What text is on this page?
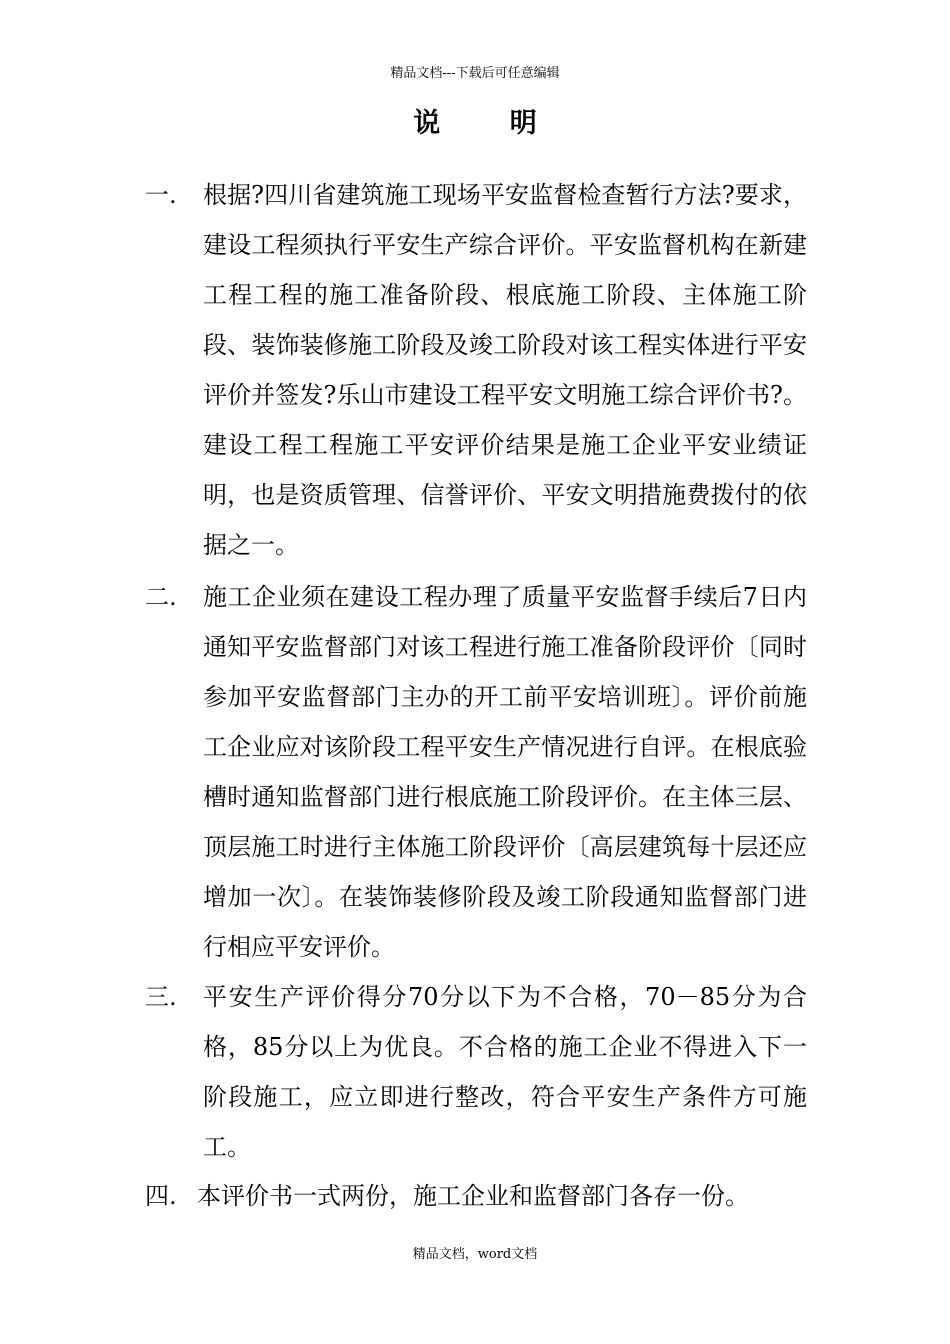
精品文档---下载后可任意编辑
说 明
一.	根据?四川省建筑施工现场平安监督检查暂行方法?要求，建设工程须执行平安生产综合评价。平安监督机构在新建工程工程的施工准备阶段、根底施工阶段、主体施工阶段、装饰装修施工阶段及竣工阶段对该工程实体进行平安评价并签发?乐山市建设工程平安文明施工综合评价书?。建设工程工程施工平安评价结果是施工企业平安业绩证明，也是资质管理、信誉评价、平安文明措施费拨付的依据之一。
二.	施工企业须在建设工程办理了质量平安监督手续后7日内通知平安监督部门对该工程进行施工准备阶段评价〔同时参加平安监督部门主办的开工前平安培训班〕。评价前施工企业应对该阶段工程平安生产情况进行自评。在根底验槽时通知监督部门进行根底施工阶段评价。在主体三层、顶层施工时进行主体施工阶段评价〔高层建筑每十层还应增加一次〕。在装饰装修阶段及竣工阶段通知监督部门进行相应平安评价。
三.	平安生产评价得分70分以下为不合格，70－85分为合格，85分以上为优良。不合格的施工企业不得进入下一阶段施工，应立即进行整改，符合平安生产条件方可施工。
四. 本评价书一式两份，施工企业和监督部门各存一份。
精品文档，word文档
